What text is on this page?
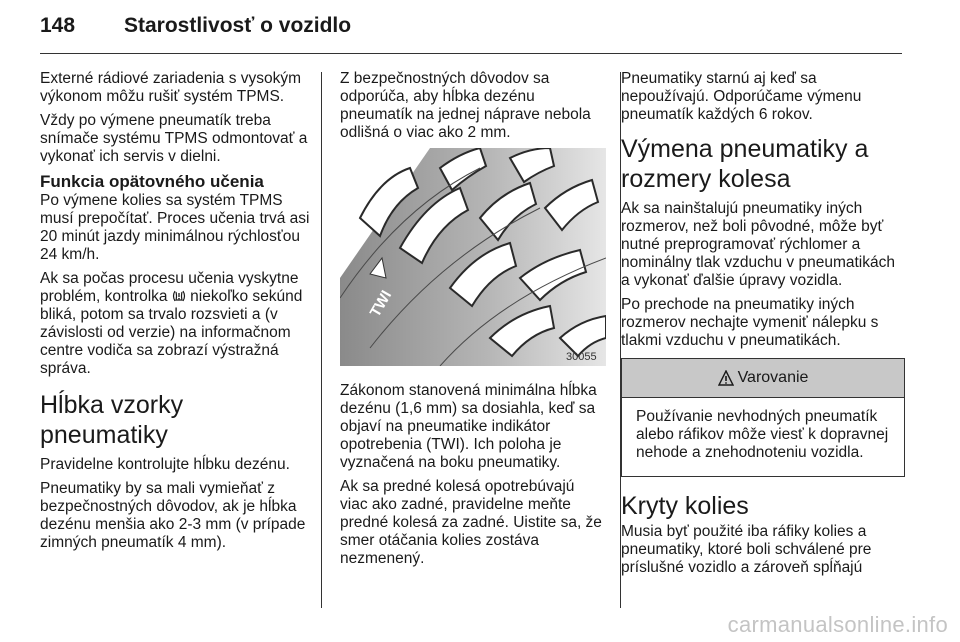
148	Starostlivosť o vozidlo

Externé rádiové zariadenia s vysokým výkonom môžu rušiť systém TPMS.

Vždy po výmene pneumatík treba snímače systému TPMS odmontovať a vykonať ich servis v dielni.

Funkcia opätovného učenia

Po výmene kolies sa systém TPMS musí prepočítať. Proces učenia trvá asi 20 minút jazdy minimálnou rýchlosťou 24 km/h.

Ak sa počas procesu učenia vyskytne problém, kontrolka niekoľko sekúnd bliká, potom sa trvalo rozsvieti a (v závislosti od verzie) na informačnom centre vodiča sa zobrazí výstražná správa.

Hĺbka vzorky pneumatiky

Pravidelne kontrolujte hĺbku dezénu.

Pneumatiky by sa mali vymieňať z bezpečnostných dôvodov, ak je hĺbka dezénu menšia ako 2-3 mm (v prípade zimných pneumatík 4 mm).

Z bezpečnostných dôvodov sa odporúča, aby hĺbka dezénu pneumatík na jednej náprave nebola odlišná o viac ako 2 mm.

TWI
30055

Zákonom stanovená minimálna hĺbka dezénu (1,6 mm) sa dosiahla, keď sa objaví na pneumatike indikátor opotrebenia (TWI). Ich poloha je vyznačená na boku pneumatiky.

Ak sa predné kolesá opotrebúvajú viac ako zadné, pravidelne meňte predné kolesá za zadné. Uistite sa, že smer otáčania kolies zostáva nezmenený.

Pneumatiky starnú aj keď sa nepoužívajú. Odporúčame výmenu pneumatík každých 6 rokov.

Výmena pneumatiky a rozmery kolesa

Ak sa nainštalujú pneumatiky iných rozmerov, než boli pôvodné, môže byť nutné preprogramovať rýchlomer a nominálny tlak vzduchu v pneumatikách a vykonať ďalšie úpravy vozidla.

Po prechode na pneumatiky iných rozmerov nechajte vymeniť nálepku s tlakmi vzduchu v pneumatikách.

Varovanie

Používanie nevhodných pneumatík alebo ráfikov môže viesť k dopravnej nehode a znehodnoteniu vozidla.

Kryty kolies

Musia byť použité iba ráfiky kolies a pneumatiky, ktoré boli schválené pre príslušné vozidlo a zároveň spĺňajú

carmanualsonline.info
